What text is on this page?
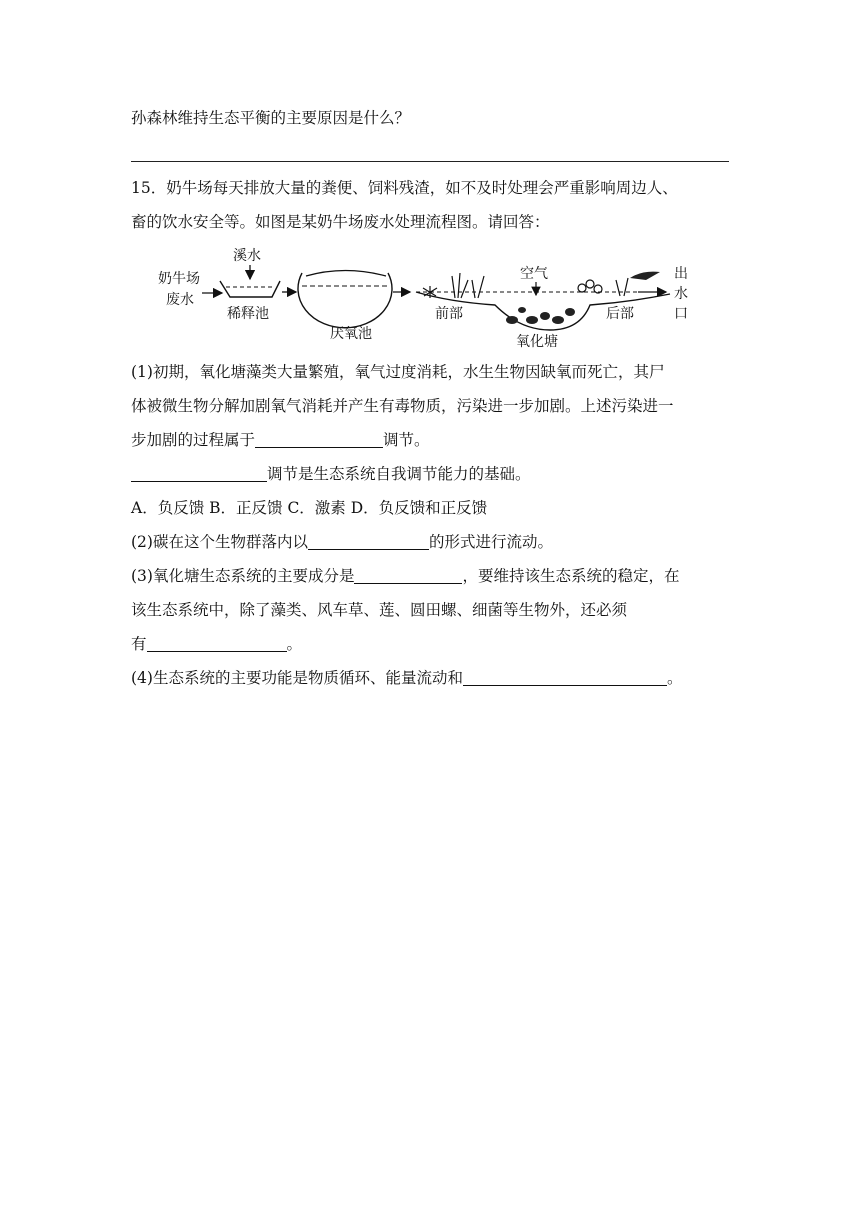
孙森林维持生态平衡的主要原因是什么？
15．奶牛场每天排放大量的粪便、饲料残渣，如不及时处理会严重影响周边人、
畜的饮水安全等。如图是某奶牛场废水处理流程图。请回答：
奶牛场
废水
溪水
稀释池
厌氧池
空气
前部
氧化塘
后部
出
水
口
(1)初期，氧化塘藻类大量繁殖，氧气过度消耗，水生生物因缺氧而死亡，其尸
体被微生物分解加剧氧气消耗并产生有毒物质，污染进一步加剧。上述污染进一
步加剧的过程属于	调节。
调节是生态系统自我调节能力的基础。
A．负反馈 B．正反馈 C．激素 D．负反馈和正反馈
(2)碳在这个生物群落内以	的形式进行流动。
(3)氧化塘生态系统的主要成分是	，要维持该生态系统的稳定，在
该生态系统中，除了藻类、风车草、莲、圆田螺、细菌等生物外，还必须
有	。
(4)生态系统的主要功能是物质循环、能量流动和	。
